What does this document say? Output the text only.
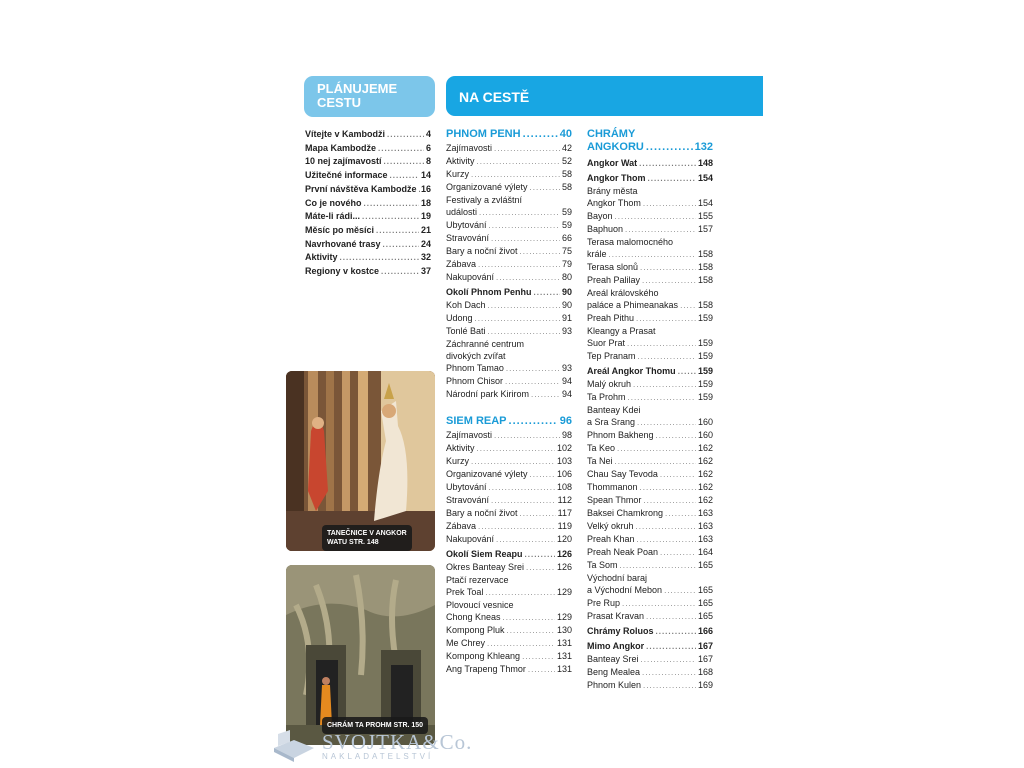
PLÁNUJEME
CESTU	NA CESTĚ
Vítejte v Kambodži .....	4
Mapa Kambodže .....	6
10 nej zajímavostí .....	8
Užitečné informace .....	14
První návštěva Kambodže ..... 16
Co je nového .....	18
Máte-li rádi... .....	19
Měsíc po měsíci .....	21
Navrhované trasy .....	24
Aktivity .....	32
Regiony v kostce .....	37
PHNOM PENH .....	40
Zajímavosti .....	42
Aktivity .....	52
Kurzy .....	58
Organizované výlety .....	58
Festivaly a zvláštní
události .....	59
Ubytování .....	59
Stravování .....	66
Bary a noční život .....	75
Zábava .....	79
Nakupování .....	80
Okolí Phnom Penhu .....	90
Koh Dach .....	90
Udong .....	91
Tonlé Bati .....	93
Záchranné centrum
divokých zvířat
Phnom Tamao .....	93
Phnom Chisor .....	94
Národní park Kirirom .....	94
SIEM REAP .....	96
Zajímavosti .....	98
Aktivity .....	102
Kurzy .....	103
Organizované výlety .....	106
Ubytování .....	108
Stravování .....	112
Bary a noční život .....	117
Zábava .....	119
Nakupování .....	120
Okolí Siem Reapu .....	126
Okres Banteay Srei .....	126
Ptačí rezervace
Prek Toal .....	129
Plovoucí vesnice
Chong Kneas .....	129
Kompong Pluk .....	130
Me Chrey .....	131
Kompong Khleang .....	131
Ang Trapeng Thmor .....	131
CHRÁMY
ANGKORU .....	132
Angkor Wat .....	148
Angkor Thom .....	154
Brány města
Angkor Thom .....	154
Bayon .....	155
Baphuon .....	157
Terasa malomocného
krále .....	158
Terasa slonů .....	158
Preah Palilay .....	158
Areál královského
paláce a Phimeanakas ..... 158
Preah Pithu .....	159
Kleangy a Prasat
Suor Prat .....	159
Tep Pranam .....	159
Areál Angkor Thomu ..... 159
Malý okruh .....	159
Ta Prohm .....	159
Banteay Kdei
a Sra Srang .....	160
Phnom Bakheng .....	160
Ta Keo .....	162
Ta Nei .....	162
Chau Say Tevoda .....	162
Thommanon .....	162
Spean Thmor .....	162
Baksei Chamkrong .....	163
Velký okruh .....	163
Preah Khan .....	163
Preah Neak Poan .....	164
Ta Som .....	165
Východní baraj
a Východní Mebon .....	165
Pre Rup .....	165
Prasat Kravan .....	165
Chrámy Roluos .....	166
Mimo Angkor .....	167
Banteay Srei .....	167
Beng Mealea .....	168
Phnom Kulen .....	169
TANEČNICE V ANGKOR
WATU STR. 148
CHRÁM TA PROHM STR. 150
SVOJTKA&Co.
NAKLADATELSTVÍ
